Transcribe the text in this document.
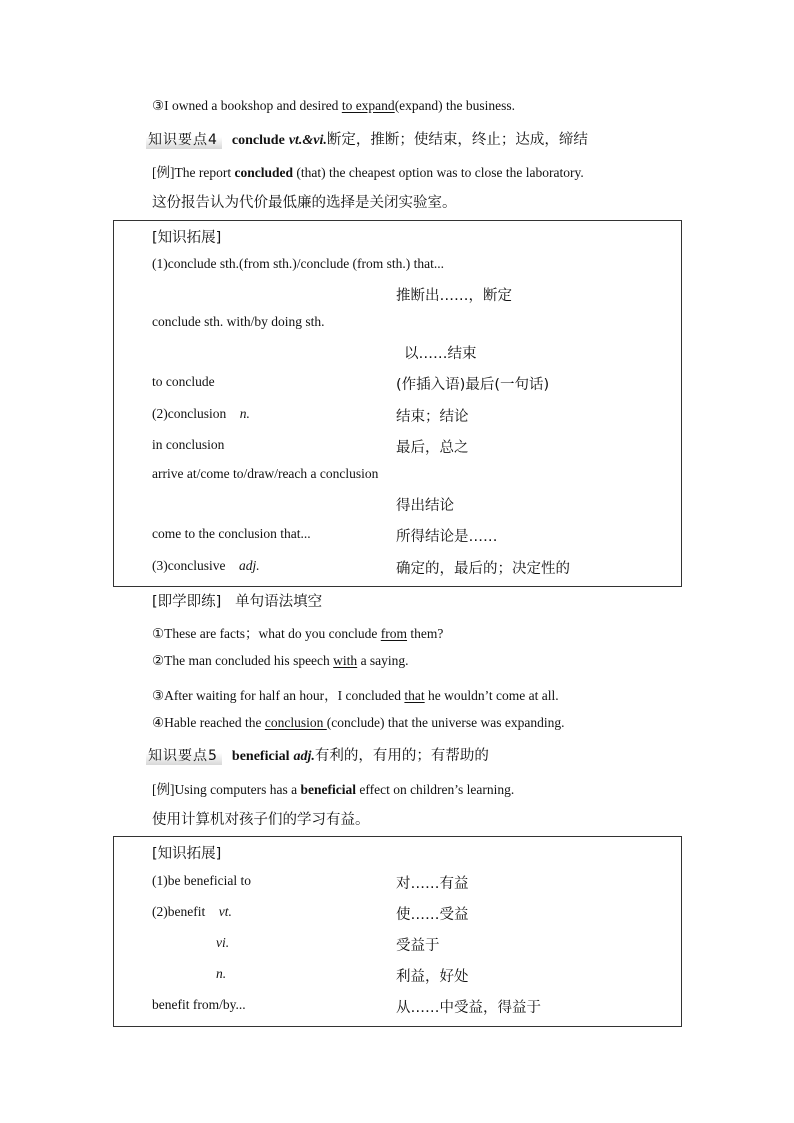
③I owned a bookshop and desired to expand(expand) the business.
知识要点4 conclude vt.&vi.断定，推断；使结束，终止；达成，缔结
[例]The report concluded (that) the cheapest option was to close the laboratory.
这份报告认为代价最低廉的选择是关闭实验室。
[知识拓展]
(1)conclude sth.(from sth.)/conclude (from sth.) that...
推断出……，断定
conclude sth. with/by doing sth.
以……结束
to conclude	(作插入语)最后(一句话)
(2)conclusion n.	结束；结论
in conclusion	最后，总之
arrive at/come to/draw/reach a conclusion
得出结论
come to the conclusion that...	所得结论是……
(3)conclusive adj.	确定的，最后的；决定性的
[即学即练] 单句语法填空
①These are facts；what do you conclude from them?
②The man concluded his speech with a saying.
③After waiting for half an hour，I concluded that he wouldn’t come at all.
④Hable reached the conclusion (conclude) that the universe was expanding.
知识要点5 beneficial adj.有利的，有用的；有帮助的
[例]Using computers has a beneficial effect on children’s learning.
使用计算机对孩子们的学习有益。
[知识拓展]
(1)be beneficial to	对……有益
(2)benefit vt.	使……受益
vi.	受益于
n.	利益，好处
benefit from/by...	从……中受益，得益于
